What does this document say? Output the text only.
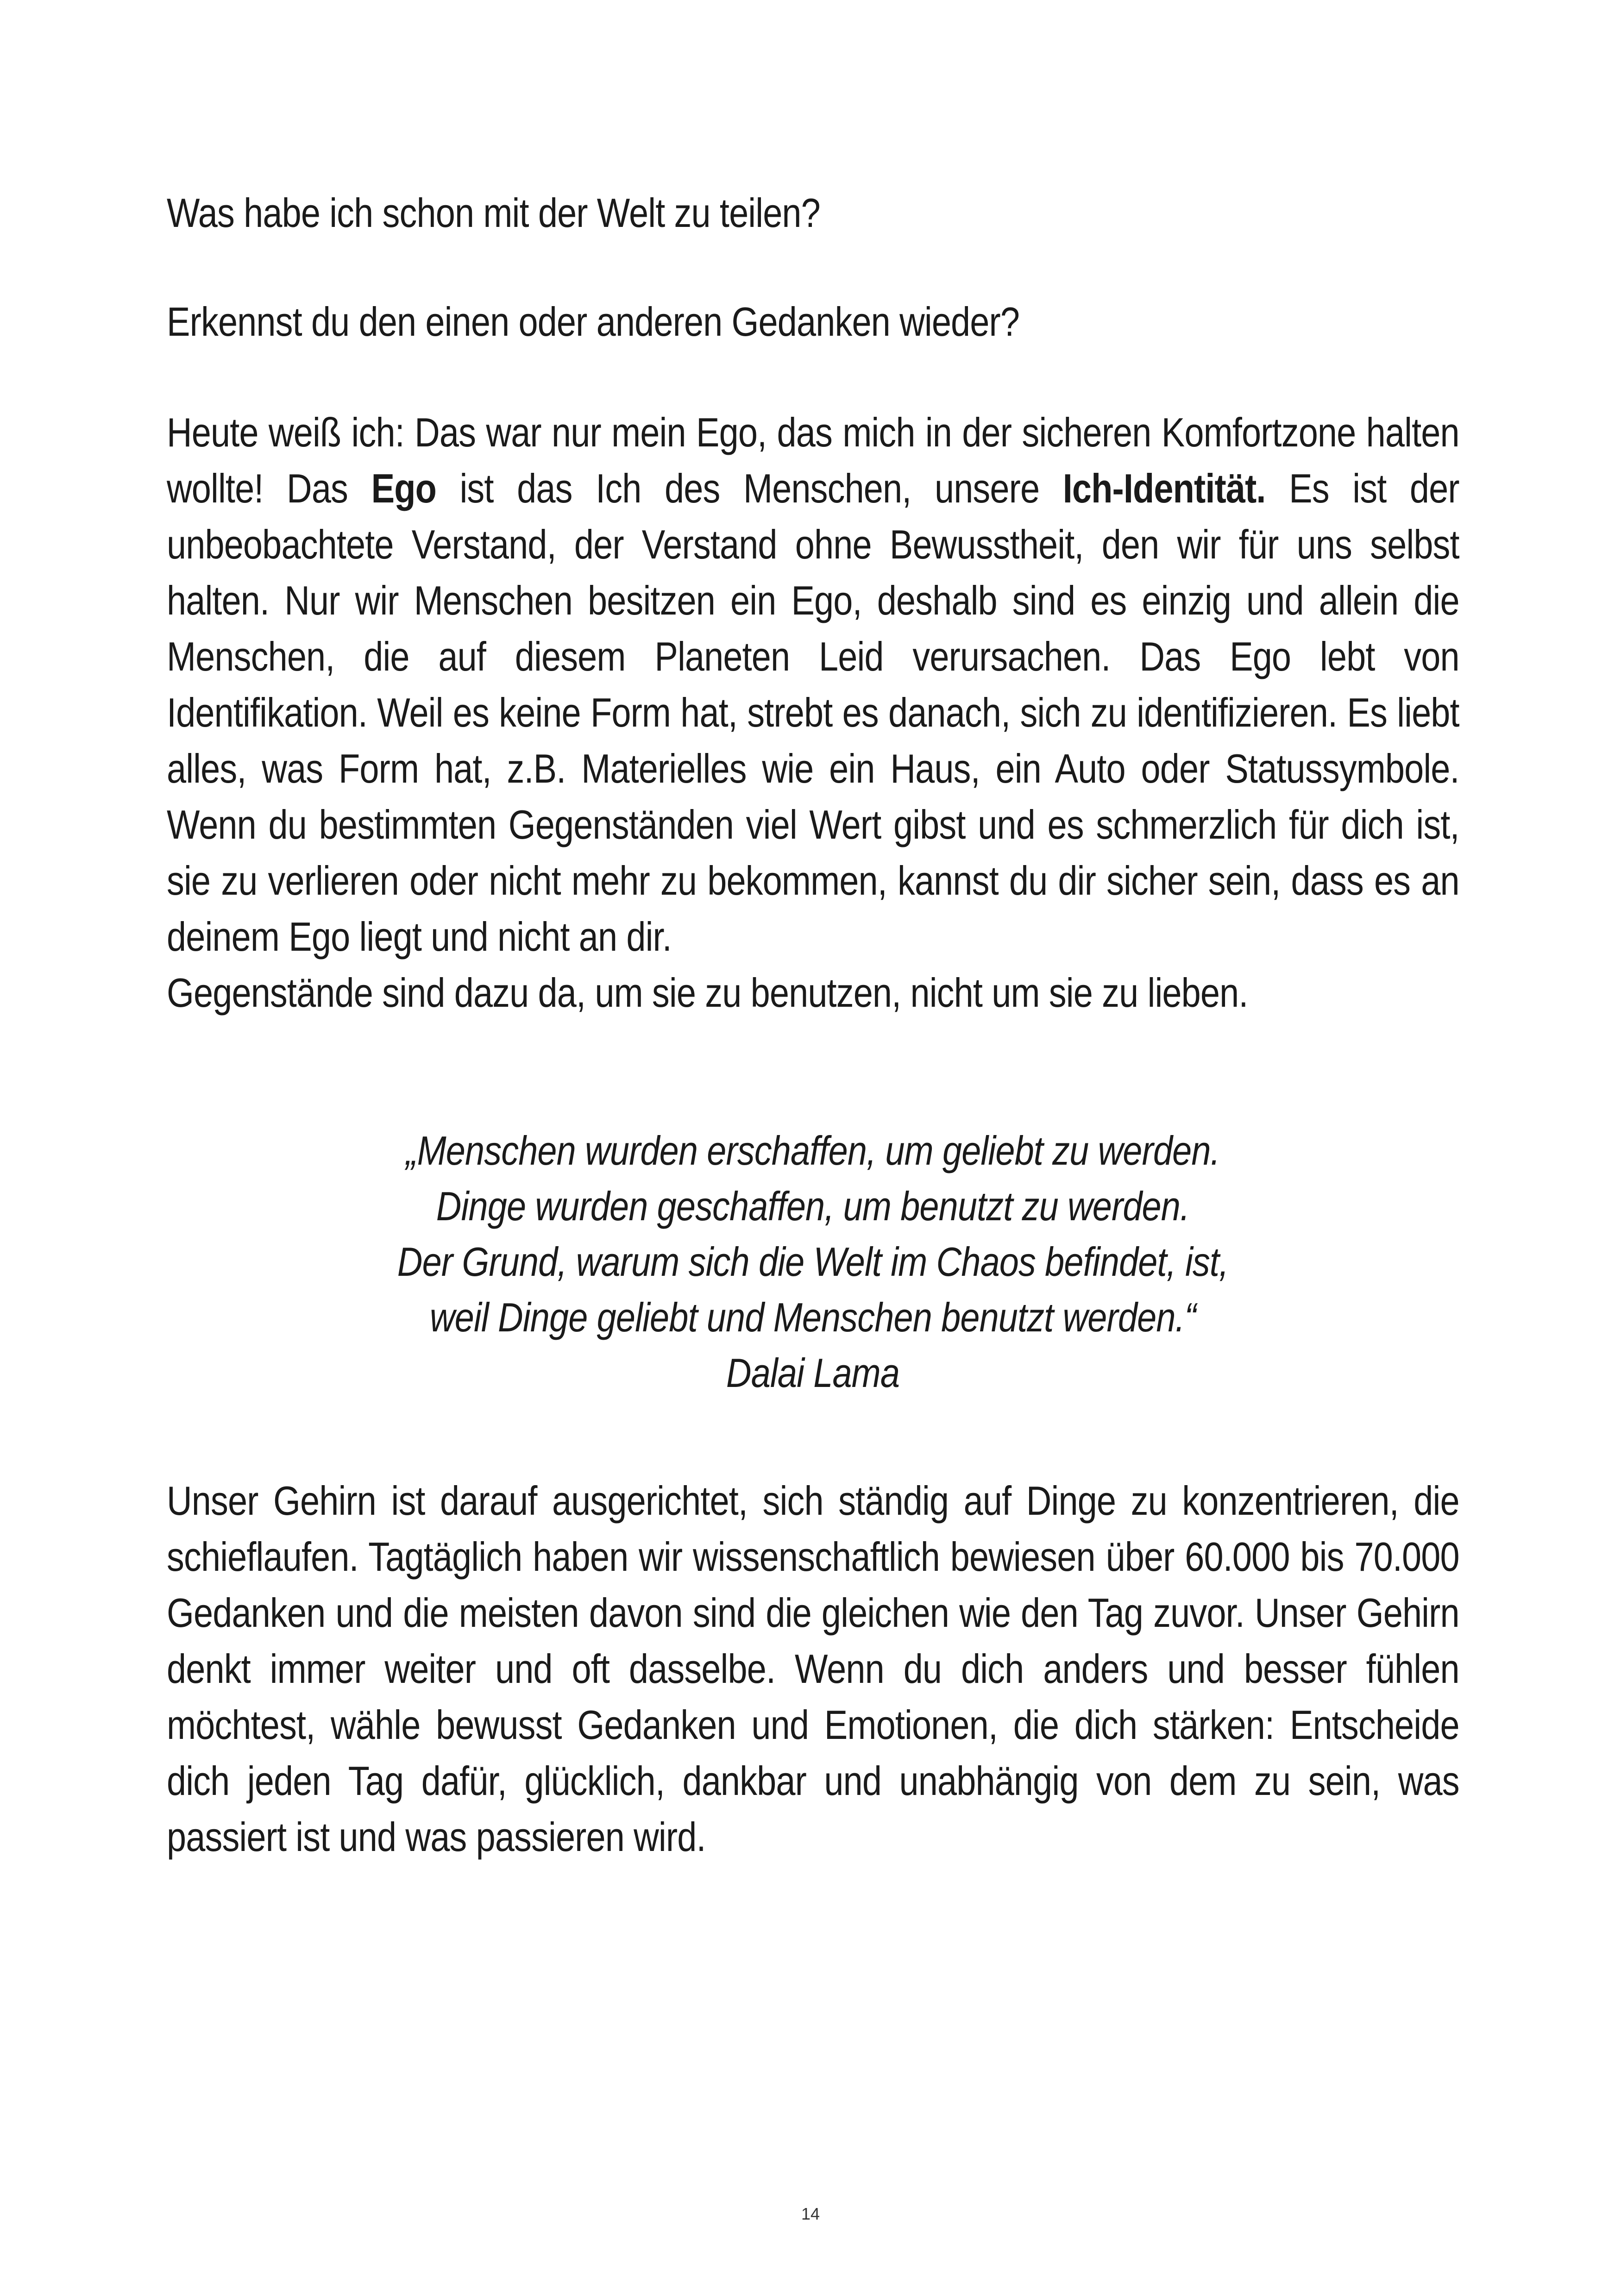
Was habe ich schon mit der Welt zu teilen?

Erkennst du den einen oder anderen Gedanken wieder?

Heute weiß ich: Das war nur mein Ego, das mich in der sicheren Komfortzone halten wollte! Das Ego ist das Ich des Menschen, unsere Ich-Identität. Es ist der unbeobachtete Verstand, der Verstand ohne Bewusstheit, den wir für uns selbst halten. Nur wir Menschen besitzen ein Ego, deshalb sind es einzig und allein die Menschen, die auf diesem Planeten Leid verursachen. Das Ego lebt von Identifikation. Weil es keine Form hat, strebt es danach, sich zu identifizieren. Es liebt alles, was Form hat, z.B. Materielles wie ein Haus, ein Auto oder Statussymbole. Wenn du bestimmten Gegenständen viel Wert gibst und es schmerzlich für dich ist, sie zu verlieren oder nicht mehr zu bekommen, kannst du dir sicher sein, dass es an deinem Ego liegt und nicht an dir.
Gegenstände sind dazu da, um sie zu benutzen, nicht um sie zu lieben.
„Menschen wurden erschaffen, um geliebt zu werden.
Dinge wurden geschaffen, um benutzt zu werden.
Der Grund, warum sich die Welt im Chaos befindet, ist,
weil Dinge geliebt und Menschen benutzt werden.“
Dalai Lama
Unser Gehirn ist darauf ausgerichtet, sich ständig auf Dinge zu konzentrieren, die schieflaufen. Tagtäglich haben wir wissenschaftlich bewiesen über 60.000 bis 70.000 Gedanken und die meisten davon sind die gleichen wie den Tag zuvor. Unser Gehirn denkt immer weiter und oft dasselbe. Wenn du dich anders und besser fühlen möchtest, wähle bewusst Gedanken und Emotionen, die dich stärken: Entscheide dich jeden Tag dafür, glücklich, dankbar und unabhängig von dem zu sein, was passiert ist und was passieren wird.
14
